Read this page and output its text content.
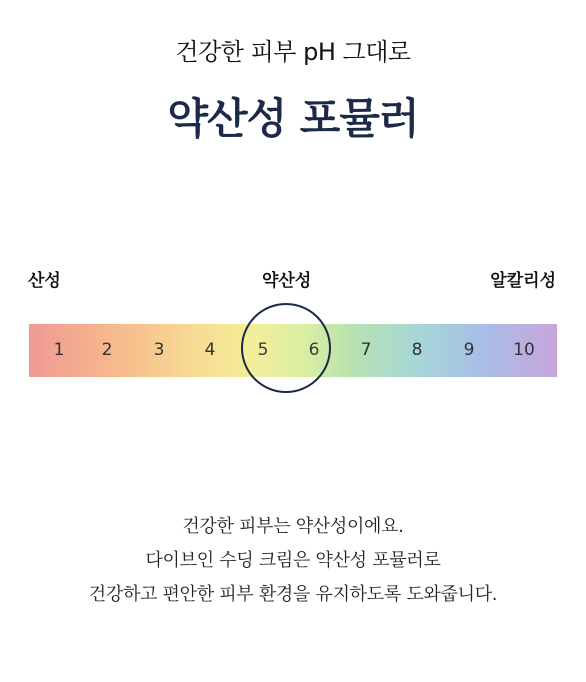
건강한 피부 pH 그대로
약산성 포뮬러
산성	약산성	알칼리성
1	2	3	4	5	6	7	8	9	10
건강한 피부는 약산성이에요.
다이브인 수딩 크림은 약산성 포뮬러로
건강하고 편안한 피부 환경을 유지하도록 도와줍니다.
